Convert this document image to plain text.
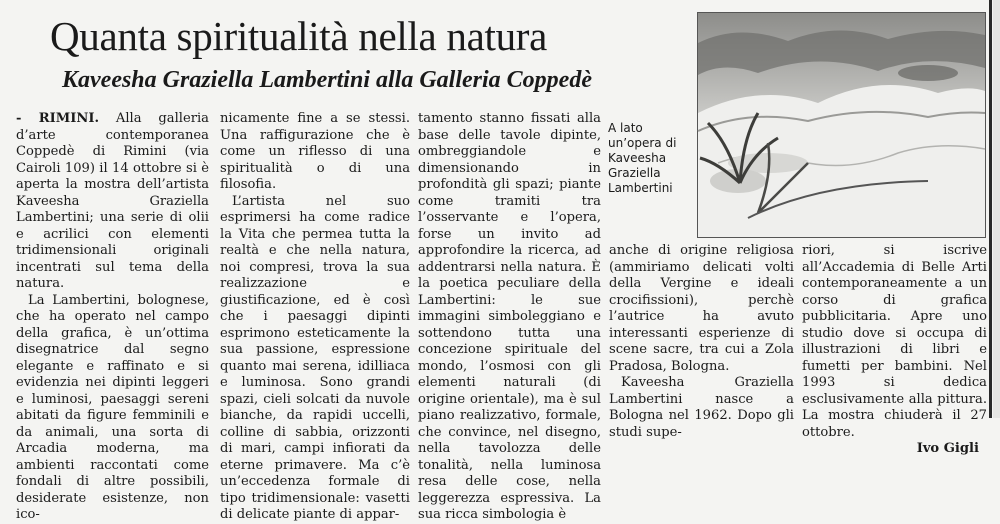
Quanta spiritualità nella natura
Kaveesha Graziella Lambertini alla Galleria Coppedè

- RIMINI. Alla galleria d’arte contemporanea Coppedè di Rimini (via Cairoli 109) il 14 ottobre si è aperta la mostra dell’artista Kaveesha Graziella Lambertini; una serie di olii e acrilici con elementi tridimensionali originali incentrati sul tema della natura.

La Lambertini, bolognese, che ha operato nel campo della grafica, è un’ottima disegnatrice dal segno elegante e raffinato e si evidenzia nei dipinti leggeri e luminosi, paesaggi sereni abitati da figure femminili e da animali, una sorta di Arcadia moderna, ma ambienti raccontati come fondali di altre possibili, desiderate esistenze, non ico-

nicamente fine a se stessi. Una raffigurazione che è come un riflesso di una spiritualità o di una filosofia.

L’artista nel suo esprimersi ha come radice la Vita che permea tutta la realtà e che nella natura, noi compresi, trova la sua realizzazione e giustificazione, ed è così che i paesaggi dipinti esprimono esteticamente la sua passione, espressione quanto mai serena, idilliaca e luminosa. Sono grandi spazi, cieli solcati da nuvole bianche, da rapidi uccelli, colline di sabbia, orizzonti di mari, campi infiorati da eterne primavere. Ma c’è un’eccedenza formale di tipo tridimensionale: vasetti di delicate piante di appar-

tamento stanno fissati alla base delle tavole dipinte, ombreggiandole e dimensionando in profondità gli spazi; piante come tramiti tra l’osservante e l’opera, forse un invito ad approfondire la ricerca, ad addentrarsi nella natura. È la poetica peculiare della Lambertini: le sue immagini simboleggiano e sottendono tutta una concezione spirituale del mondo, l’osmosi con gli elementi naturali (di origine orientale), ma è sul piano realizzativo, formale, che convince, nel disegno, nella tavolozza delle tonalità, nella luminosa resa delle cose, nella leggerezza espressiva. La sua ricca simbologia è

A lato un’opera di Kaveesha Graziella Lambertini

anche di origine religiosa (ammiriamo delicati volti della Vergine e ideali crocifissioni), perchè l’autrice ha avuto interessanti esperienze di scene sacre, tra cui a Zola Pradosa, Bologna.

Kaveesha Graziella Lambertini nasce a Bologna nel 1962. Dopo gli studi supe-

riori, si iscrive all’Accademia di Belle Arti contemporaneamente a un corso di grafica pubblicitaria. Apre uno studio dove si occupa di illustrazioni di libri e fumetti per bambini. Nel 1993 si dedica esclusivamente alla pittura. La mostra chiuderà il 27 ottobre.

Ivo Gigli
